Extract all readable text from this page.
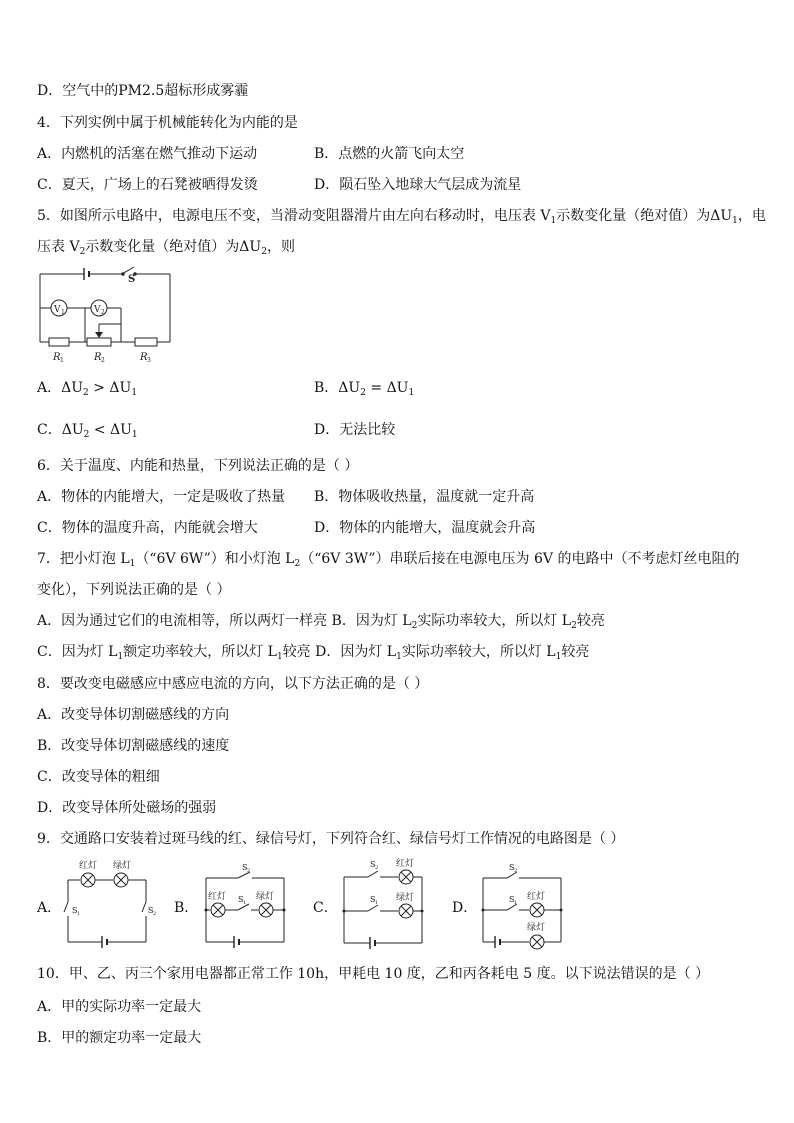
D．空气中的PM2.5超标形成雾霾
4．下列实例中属于机械能转化为内能的是
A．内燃机的活塞在燃气推动下运动	B．点燃的火箭飞向太空
C．夏天，广场上的石凳被晒得发烫	D．陨石坠入地球大气层成为流星
5．如图所示电路中，电源电压不变，当滑动变阻器滑片由左向右移动时，电压表 $V_1$示数变化量（绝对值）为$\Delta U_1$，电
压表 $V_2$示数变化量（绝对值）为$\Delta U_2$，则
S
V 1	V 2
R 1	R 2	R 3
A．$\Delta U_2 > \Delta U_1$	B．$\Delta U_2 = \Delta U_1$
C．$\Delta U_2 < \Delta U_1$	D．无法比较
6．关于温度、内能和热量，下列说法正确的是（ ）
A．物体的内能增大，一定是吸收了热量 B．物体吸收热量，温度就一定升高
C．物体的温度升高，内能就会增大	D．物体的内能增大，温度就会升高
7．把小灯泡 $L_1(“6V$ 6W”）和小灯泡 $L_2(“6V$ 3W”）串联后接在电源电压为 6V 的电路中（不考虑灯丝电阻的
变化），下列说法正确的是（ ）
A．因为通过它们的电流相等，所以两灯一样亮 B．因为灯 $L_2$实际功率较大，所以灯 $L_2$较亮
C．因为灯 $L_1$额定功率较大，所以灯 $L_1$较亮 D．因为灯 $L_1$实际功率较大，所以灯 $L_1$较亮
8．要改变电磁感应中感应电流的方向，以下方法正确的是（ ）
A．改变导体切割磁感线的方向
B．改变导体切割磁感线的速度
C．改变导体的粗细
D．改变导体所处磁场的强弱
9．交通路口安装着过斑马线的红、绿信号灯，下列符合红、绿信号灯工作情况的电路图是（ ）
A．	B．	C．	D．
红灯 绿灯
S 1	S 2
S 2
红灯	绿灯
S 1
S 2 红灯
S 1 绿灯
S 2
S 1
红灯
绿灯
10．甲、乙、丙三个家用电器都正常工作 10h，甲耗电 10 度，乙和丙各耗电 5 度。以下说法错误的是（ ）
A．甲的实际功率一定最大
B．甲的额定功率一定最大
